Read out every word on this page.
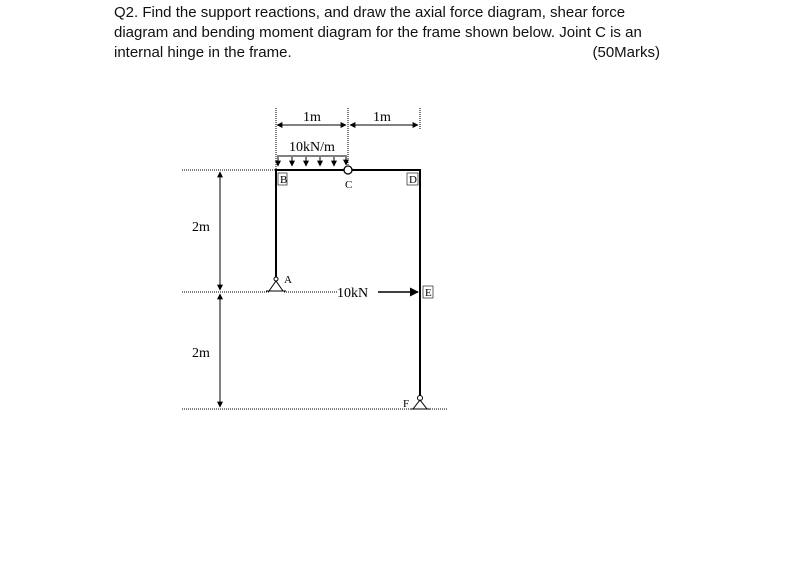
Q2. Find the support reactions, and draw the axial force diagram, shear force
diagram and bending moment diagram for the frame shown below. Joint C is an
internal hinge in the frame.	(50Marks)
1m	1m
10kN/m
2m
2m
10kN
B	C	D
A
E
F
